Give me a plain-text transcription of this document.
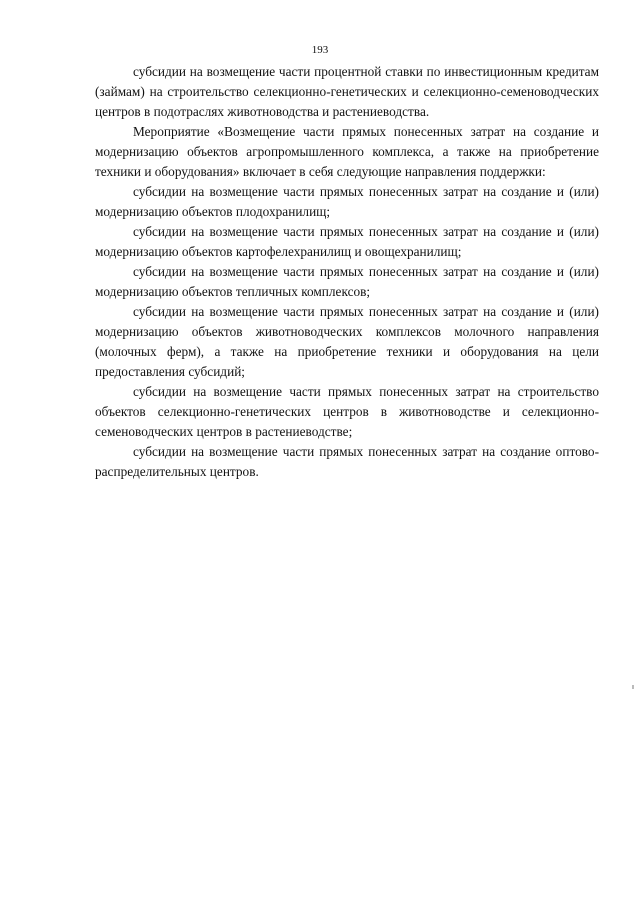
193

субсидии на возмещение части процентной ставки по инвестиционным кредитам (займам) на строительство селекционно-генетических и селекционно-семеноводческих центров в подотраслях животноводства и растениеводства.

Мероприятие «Возмещение части прямых понесенных затрат на создание и модернизацию объектов агропромышленного комплекса, а также на приобретение техники и оборудования» включает в себя следующие направления поддержки:

субсидии на возмещение части прямых понесенных затрат на создание и (или) модернизацию объектов плодохранилищ;

субсидии на возмещение части прямых понесенных затрат на создание и (или) модернизацию объектов картофелехранилищ и овощехранилищ;

субсидии на возмещение части прямых понесенных затрат на создание и (или) модернизацию объектов тепличных комплексов;

субсидии на возмещение части прямых понесенных затрат на создание и (или) модернизацию объектов животноводческих комплексов молочного направления (молочных ферм), а также на приобретение техники и оборудования на цели предоставления субсидий;

субсидии на возмещение части прямых понесенных затрат на строительство объектов селекционно-генетических центров в животноводстве и селекционно-семеноводческих центров в растениеводстве;

субсидии на возмещение части прямых понесенных затрат на создание оптово-распределительных центров.
